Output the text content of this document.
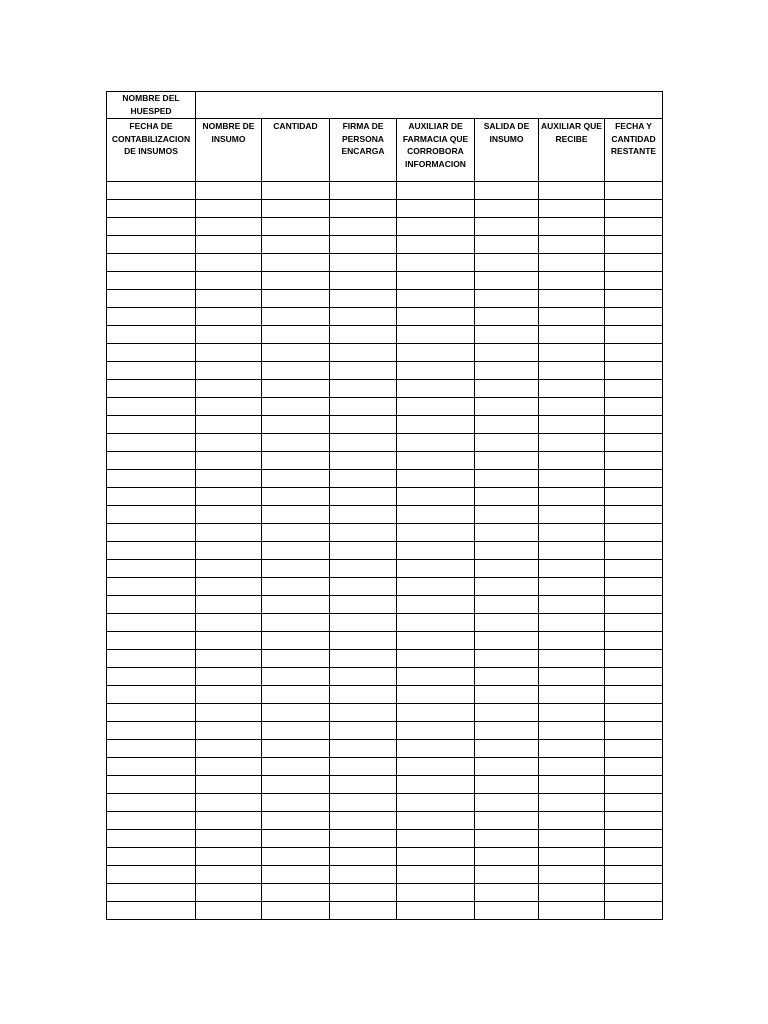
NOMBRE DEL HUESPED							
FECHA DE CONTABILIZACION DE INSUMOS	NOMBRE DE INSUMO	CANTIDAD	FIRMA DE PERSONA ENCARGA	AUXILIAR DE FARMACIA QUE CORROBORA INFORMACION	SALIDA DE INSUMO	AUXILIAR QUE RECIBE	FECHA Y CANTIDAD RESTANTE
